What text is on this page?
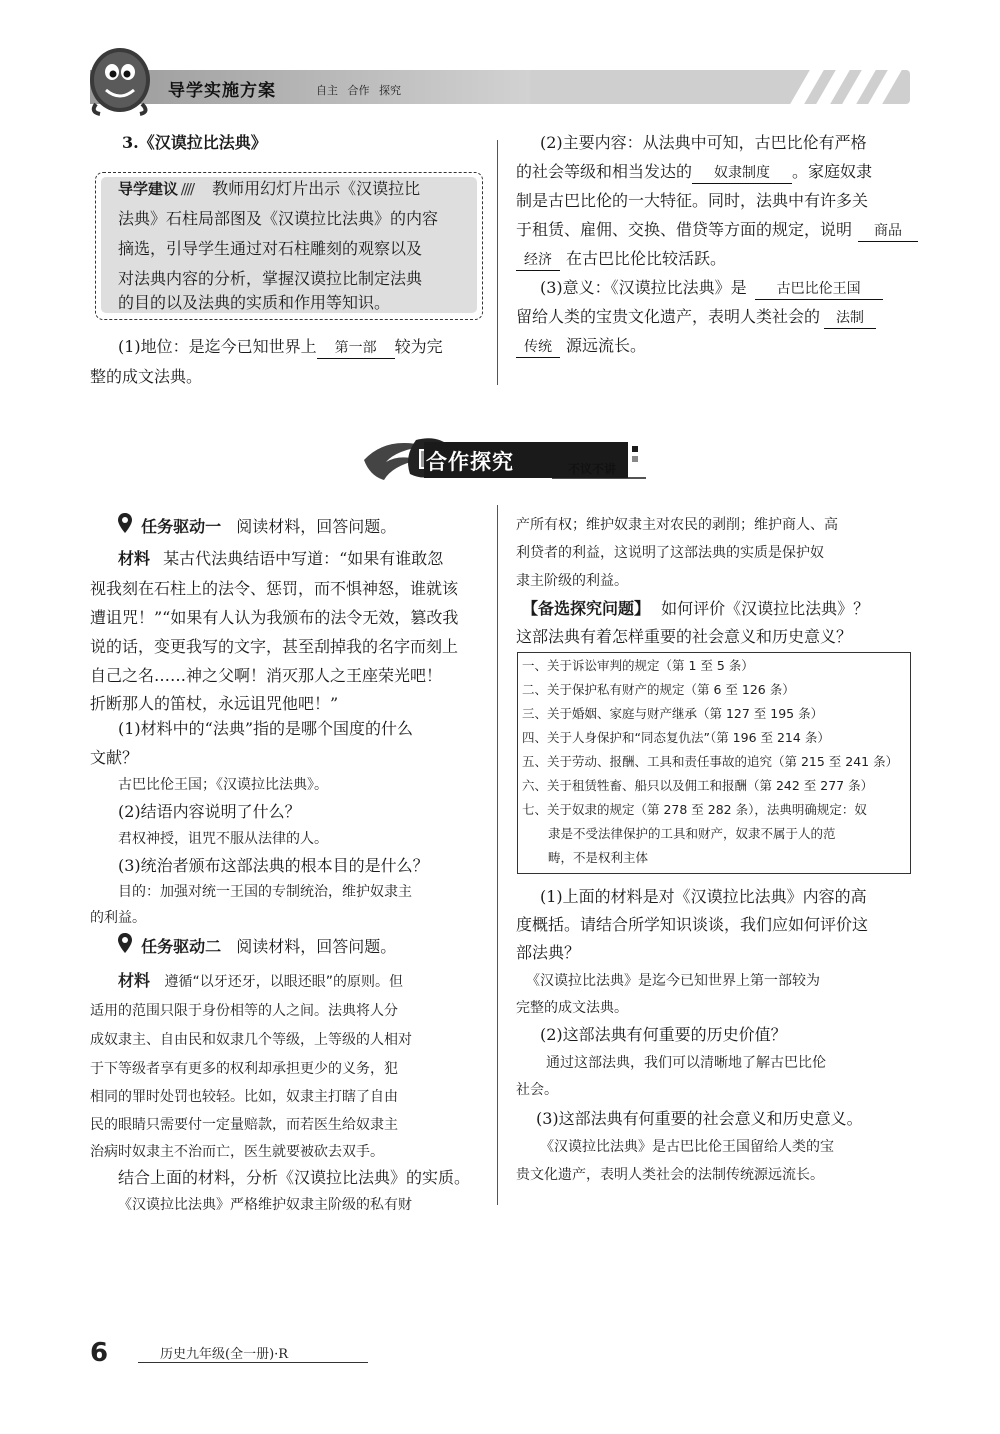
导学实施方案	自主 合作 探究
3.《汉谟拉比法典》
导学建议 //// 教师用幻灯片出示《汉谟拉比
法典》石柱局部图及《汉谟拉比法典》的内容
摘选，引导学生通过对石柱雕刻的观察以及
对法典内容的分析，掌握汉谟拉比制定法典
的目的以及法典的实质和作用等知识。
(1)地位：是迄今已知世界上 第一部 较为完
整的成文法典。
(2)主要内容：从法典中可知，古巴比伦有严格
的社会等级和相当发达的 奴隶制度 。家庭奴隶
制是古巴比伦的一大特征。同时，法典中有许多关
于租赁、雇佣、交换、借贷等方面的规定，说明 商品
经济 在古巴比伦比较活跃。
(3)意义：《汉谟拉比法典》是 古巴比伦王国
留给人类的宝贵文化遗产，表明人类社会的 法制
传统 源远流长。
合作探究	不议不讲
任务驱动一 阅读材料，回答问题。
材料 某古代法典结语中写道：“如果有谁敢忽
视我刻在石柱上的法令、惩罚，而不惧神怒，谁就该
遭诅咒！”“如果有人认为我颁布的法令无效，篡改我
说的话，变更我写的文字，甚至刮掉我的名字而刻上
自己之名……神之父啊！消灭那人之王座荣光吧！
折断那人的笛杖，永远诅咒他吧！”
(1)材料中的“法典”指的是哪个国度的什么
文献？
古巴比伦王国；《汉谟拉比法典》。
(2)结语内容说明了什么？
君权神授，诅咒不服从法律的人。
(3)统治者颁布这部法典的根本目的是什么？
目的：加强对统一王国的专制统治，维护奴隶主
的利益。
任务驱动二 阅读材料，回答问题。
材料 遵循“以牙还牙，以眼还眼”的原则。但
适用的范围只限于身份相等的人之间。法典将人分
成奴隶主、自由民和奴隶几个等级，上等级的人相对
于下等级者享有更多的权利却承担更少的义务，犯
相同的罪时处罚也较轻。比如，奴隶主打瞎了自由
民的眼睛只需要付一定量赔款，而若医生给奴隶主
治病时奴隶主不治而亡，医生就要被砍去双手。
结合上面的材料，分析《汉谟拉比法典》的实质。
《汉谟拉比法典》严格维护奴隶主阶级的私有财
产所有权；维护奴隶主对农民的剥削；维护商人、高
利贷者的利益，这说明了这部法典的实质是保护奴
隶主阶级的利益。
【备选探究问题】 如何评价《汉谟拉比法典》？
这部法典有着怎样重要的社会意义和历史意义？
一、关于诉讼审判的规定（第 1 至 5 条）
二、关于保护私有财产的规定（第 6 至 126 条）
三、关于婚姻、家庭与财产继承（第 127 至 195 条）
四、关于人身保护和“同态复仇法”（第 196 至 214 条）
五、关于劳动、报酬、工具和责任事故的追究（第 215 至 241 条）
六、关于租赁牲畜、船只以及佣工和报酬（第 242 至 277 条）
七、关于奴隶的规定（第 278 至 282 条），法典明确规定：奴
隶是不受法律保护的工具和财产，奴隶不属于人的范
畴，不是权利主体
(1)上面的材料是对《汉谟拉比法典》内容的高
度概括。请结合所学知识谈谈，我们应如何评价这
部法典？
《汉谟拉比法典》是迄今已知世界上第一部较为
完整的成文法典。
(2)这部法典有何重要的历史价值？
通过这部法典，我们可以清晰地了解古巴比伦
社会。
(3)这部法典有何重要的社会意义和历史意义。
《汉谟拉比法典》是古巴比伦王国留给人类的宝
贵文化遗产，表明人类社会的法制传统源远流长。
6	历史九年级(全一册)·R
